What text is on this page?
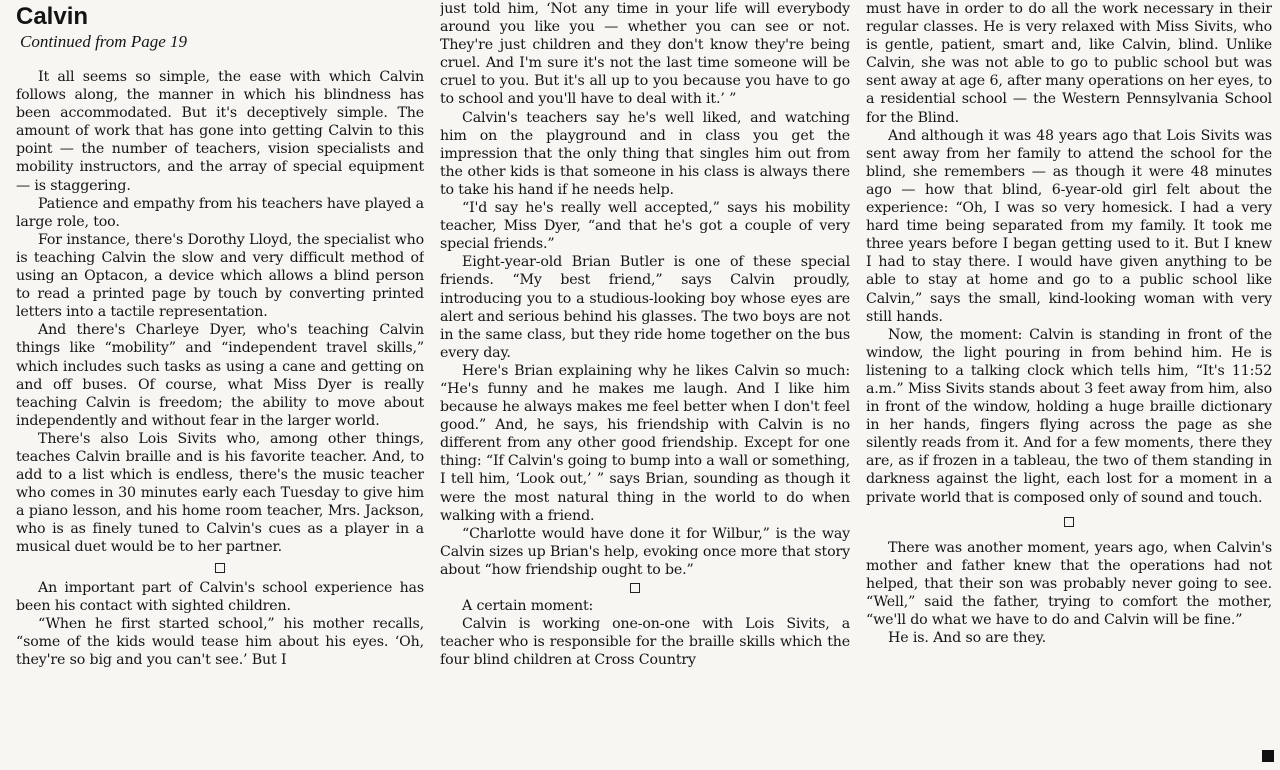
Calvin
Continued from Page 19

It all seems so simple, the ease with which Calvin follows along, the manner in which his blindness has been accommodated. But it's deceptively simple. The amount of work that has gone into getting Calvin to this point — the number of teachers, vision specialists and mobility instructors, and the array of special equipment — is staggering.

Patience and empathy from his teachers have played a large role, too.

For instance, there's Dorothy Lloyd, the specialist who is teaching Calvin the slow and very difficult method of using an Optacon, a device which allows a blind person to read a printed page by touch by converting printed letters into a tactile representation.

And there's Charleye Dyer, who's teaching Calvin things like “mobility” and “independent travel skills,” which includes such tasks as using a cane and getting on and off buses. Of course, what Miss Dyer is really teaching Calvin is freedom; the ability to move about independently and without fear in the larger world.

There's also Lois Sivits who, among other things, teaches Calvin braille and is his favorite teacher. And, to add to a list which is endless, there's the music teacher who comes in 30 minutes early each Tuesday to give him a piano lesson, and his home room teacher, Mrs. Jackson, who is as finely tuned to Calvin's cues as a player in a musical duet would be to her partner.

An important part of Calvin's school experience has been his contact with sighted children.

“When he first started school,” his mother recalls, “some of the kids would tease him about his eyes. ‘Oh, they're so big and you can't see.’ But I

just told him, ‘Not any time in your life will everybody around you like you — whether you can see or not. They're just children and they don't know they're being cruel. And I'm sure it's not the last time someone will be cruel to you. But it's all up to you because you have to go to school and you'll have to deal with it.’ ”

Calvin's teachers say he's well liked, and watching him on the playground and in class you get the impression that the only thing that singles him out from the other kids is that someone in his class is always there to take his hand if he needs help.

“I'd say he's really well accepted,” says his mobility teacher, Miss Dyer, “and that he's got a couple of very special friends.”

Eight-year-old Brian Butler is one of these special friends. “My best friend,” says Calvin proudly, introducing you to a studious-looking boy whose eyes are alert and serious behind his glasses. The two boys are not in the same class, but they ride home together on the bus every day.

Here's Brian explaining why he likes Calvin so much: “He's funny and he makes me laugh. And I like him because he always makes me feel better when I don't feel good.” And, he says, his friendship with Calvin is no different from any other good friendship. Except for one thing: “If Calvin's going to bump into a wall or something, I tell him, ‘Look out,’ ” says Brian, sounding as though it were the most natural thing in the world to do when walking with a friend.

“Charlotte would have done it for Wilbur,” is the way Calvin sizes up Brian's help, evoking once more that story about “how friendship ought to be.”

A certain moment:

Calvin is working one-on-one with Lois Sivits, a teacher who is responsible for the braille skills which the four blind children at Cross Country

must have in order to do all the work necessary in their regular classes. He is very relaxed with Miss Sivits, who is gentle, patient, smart and, like Calvin, blind. Unlike Calvin, she was not able to go to public school but was sent away at age 6, after many operations on her eyes, to a residential school — the Western Pennsylvania School for the Blind.

And although it was 48 years ago that Lois Sivits was sent away from her family to attend the school for the blind, she remembers — as though it were 48 minutes ago — how that blind, 6-year-old girl felt about the experience: “Oh, I was so very homesick. I had a very hard time being separated from my family. It took me three years before I began getting used to it. But I knew I had to stay there. I would have given anything to be able to stay at home and go to a public school like Calvin,” says the small, kind-looking woman with very still hands.

Now, the moment: Calvin is standing in front of the window, the light pouring in from behind him. He is listening to a talking clock which tells him, “It's 11:52 a.m.” Miss Sivits stands about 3 feet away from him, also in front of the window, holding a huge braille dictionary in her hands, fingers flying across the page as she silently reads from it. And for a few moments, there they are, as if frozen in a tableau, the two of them standing in darkness against the light, each lost for a moment in a private world that is composed only of sound and touch.

There was another moment, years ago, when Calvin's mother and father knew that the operations had not helped, that their son was probably never going to see. “Well,” said the father, trying to comfort the mother, “we'll do what we have to do and Calvin will be fine.”

He is. And so are they.
